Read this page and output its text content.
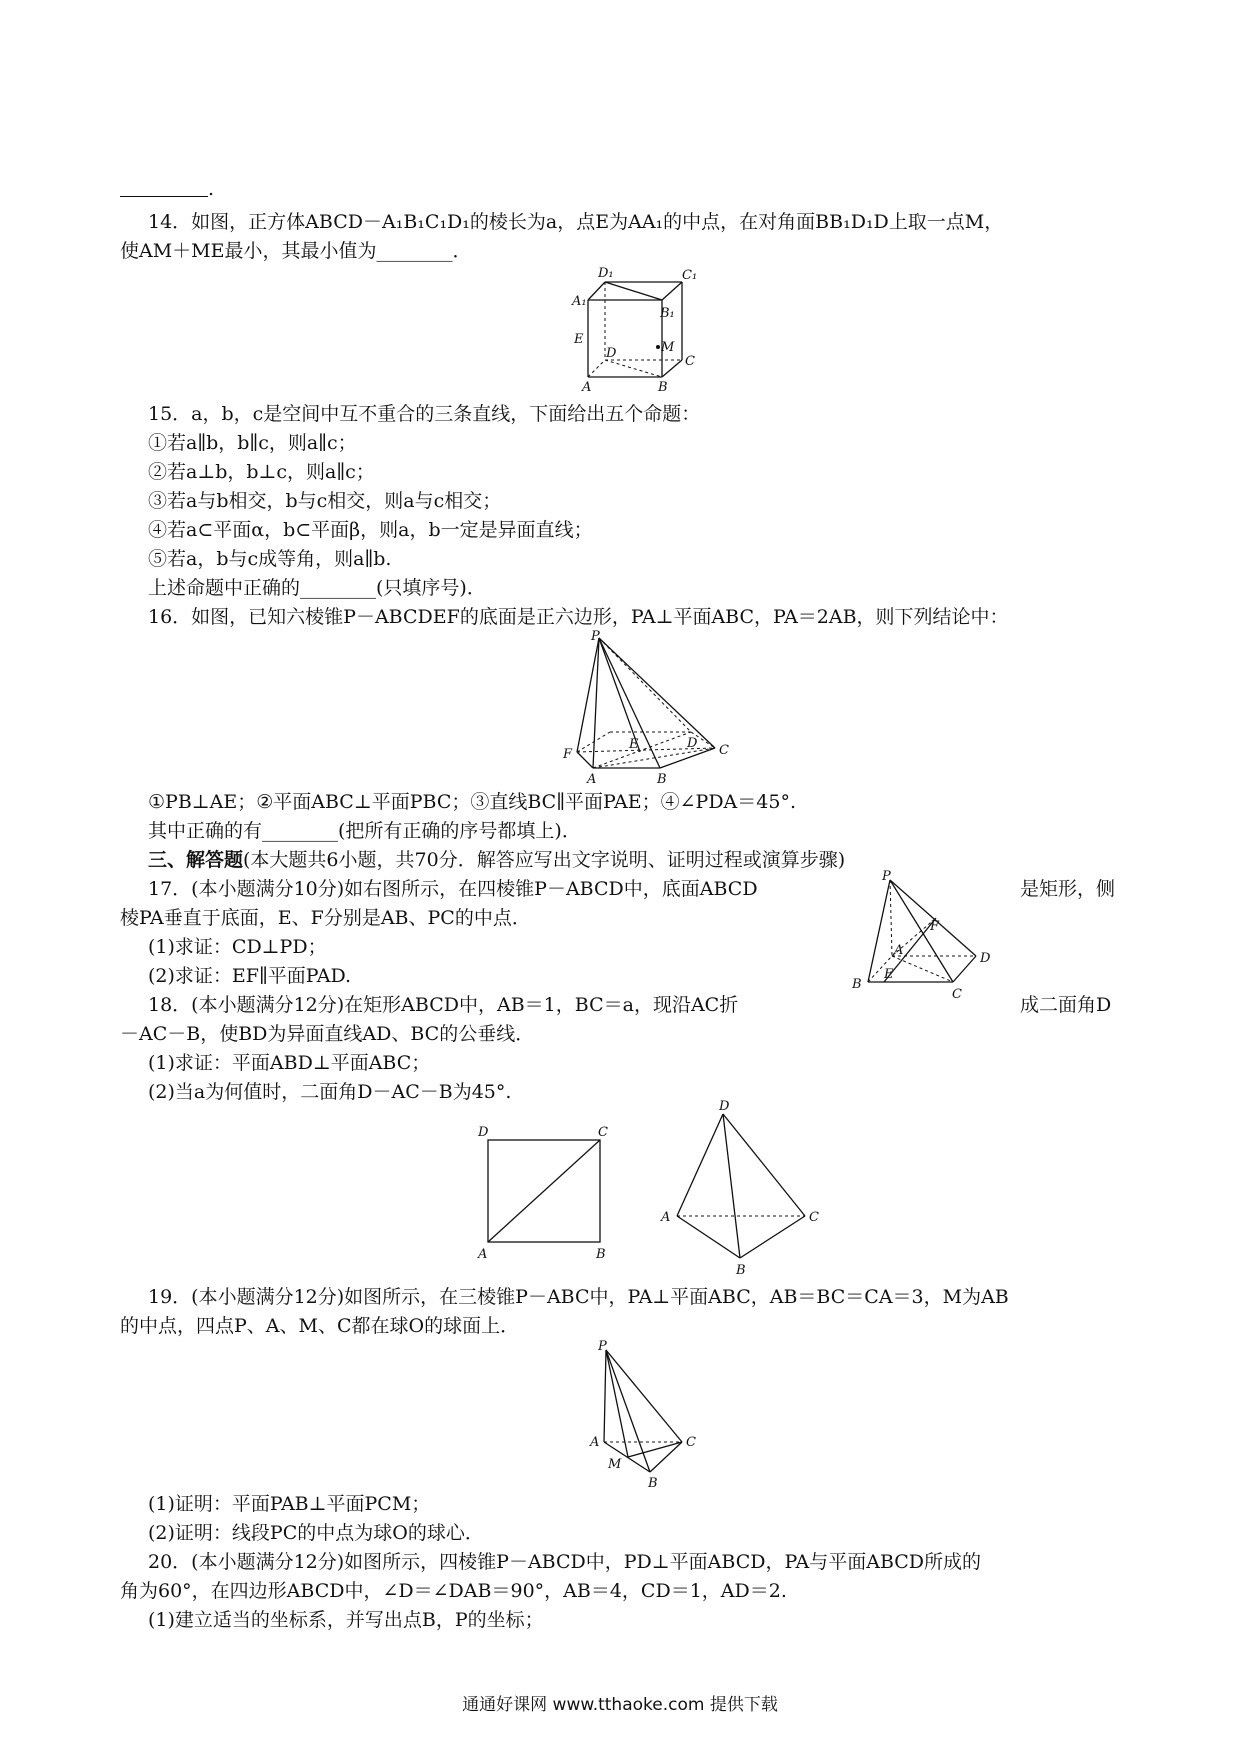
.
14．如图，正方体ABCD－A₁B₁C₁D₁的棱长为a，点E为AA₁的中点，在对角面BB₁D₁D上取一点M，
使AM＋ME最小，其最小值为________．
D₁	C₁
A₁
B₁
E
D	M
C
A	B
15．a，b，c是空间中互不重合的三条直线，下面给出五个命题：
①若a∥b，b∥c，则a∥c；
②若a⊥b，b⊥c，则a∥c；
③若a与b相交，b与c相交，则a与c相交；
④若a⊂平面α，b⊂平面β，则a，b一定是异面直线；
⑤若a，b与c成等角，则a∥b.
上述命题中正确的________(只填序号)．
16．如图，已知六棱锥P－ABCDEF的底面是正六边形，PA⊥平面ABC，PA＝2AB，则下列结论中：
P
F
E	D C
A	B
①PB⊥AE；②平面ABC⊥平面PBC；③直线BC∥平面PAE；④∠PDA＝45°.
其中正确的有________(把所有正确的序号都填上)．
三、解答题(本大题共6小题，共70分．解答应写出文字说明、证明过程或演算步骤)
17．(本小题满分10分)如右图所示，在四棱锥P－ABCD中，底面ABCD	是矩形，侧
棱PA垂直于底面，E、F分别是AB、PC的中点．
(1)求证：CD⊥PD；
(2)求证：EF∥平面PAD.
P
F
A
D
B
E
C
18．(本小题满分12分)在矩形ABCD中，AB＝1，BC＝a，现沿AC折	成二面角D
－AC－B，使BD为异面直线AD、BC的公垂线．
(1)求证：平面ABD⊥平面ABC；
(2)当a为何值时，二面角D－AC－B为45°.
D	C
A	B
D
A	C
B
19．(本小题满分12分)如图所示，在三棱锥P－ABC中，PA⊥平面ABC，AB＝BC＝CA＝3，M为AB
的中点，四点P、A、M、C都在球O的球面上．
P
A	C
M
B
(1)证明：平面PAB⊥平面PCM；
(2)证明：线段PC的中点为球O的球心．
20．(本小题满分12分)如图所示，四棱锥P－ABCD中，PD⊥平面ABCD，PA与平面ABCD所成的
角为60°，在四边形ABCD中，∠D＝∠DAB＝90°，AB＝4，CD＝1，AD＝2.
(1)建立适当的坐标系，并写出点B，P的坐标；
通通好课网 www.tthaoke.com 提供下载
